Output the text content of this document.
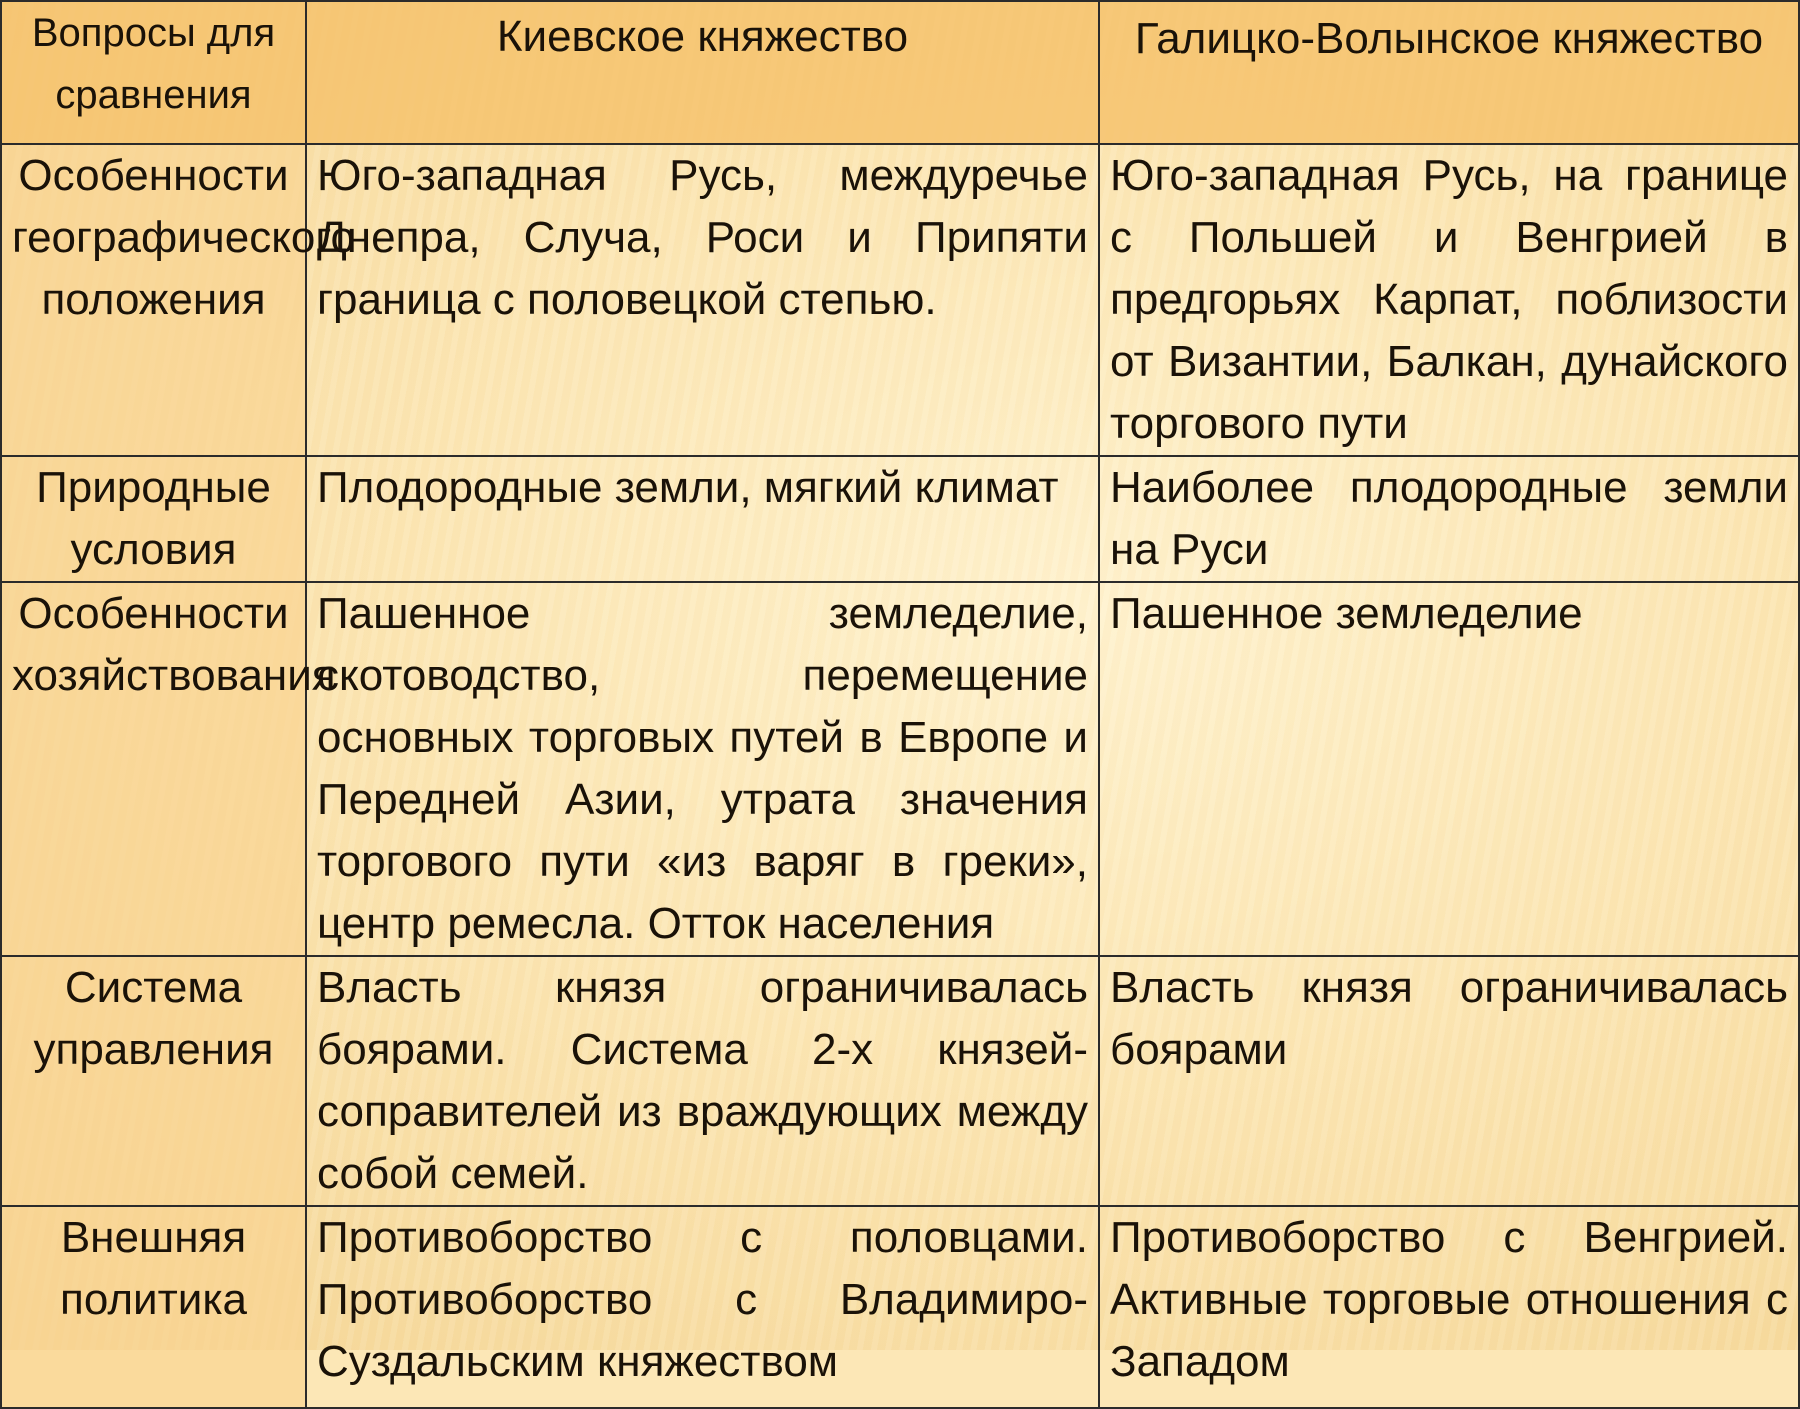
Вопросы для сравнения	Киевское княжество	Галицко-Волынское княжество
Особенности географического положения	Юго-западная Русь, междуречье Днепра, Случа, Роси и Припяти граница с половецкой степью.	Юго-западная Русь, на границе с Польшей и Венгрией в предгорьях Карпат, поблизости от Византии, Балкан, дунайского торгового пути
Природные условия	Плодородные земли, мягкий климат	Наиболее плодородные земли на Руси
Особенности хозяйствования	Пашенное земледелие, скотоводство, перемещение основных торговых путей в Европе и Передней Азии, утрата значения торгового пути «из варяг в греки», центр ремесла. Отток населения	Пашенное земледелие
Система управления	Власть князя ограничивалась боярами. Система 2-х князей-соправителей из враждующих между собой семей.	Власть князя ограничивалась боярами
Внешняя политика	Противоборство с половцами. Противоборство с Владимиро-Суздальским княжеством	Противоборство с Венгрией. Активные торговые отношения с Западом
